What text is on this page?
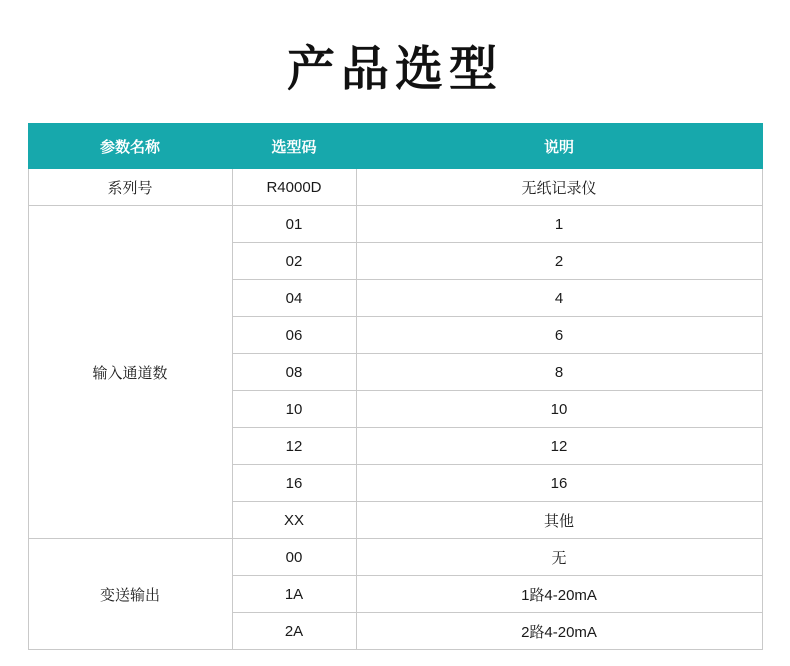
产品选型
参数名称	选型码	说明
系列号	R4000D	无纸记录仪
输入通道数	01	1
	02	2
	04	4
	06	6
	08	8
	10	10
	12	12
	16	16
	XX	其他
变送输出	00	无
	1A	1路4-20mA
	2A	2路4-20mA
